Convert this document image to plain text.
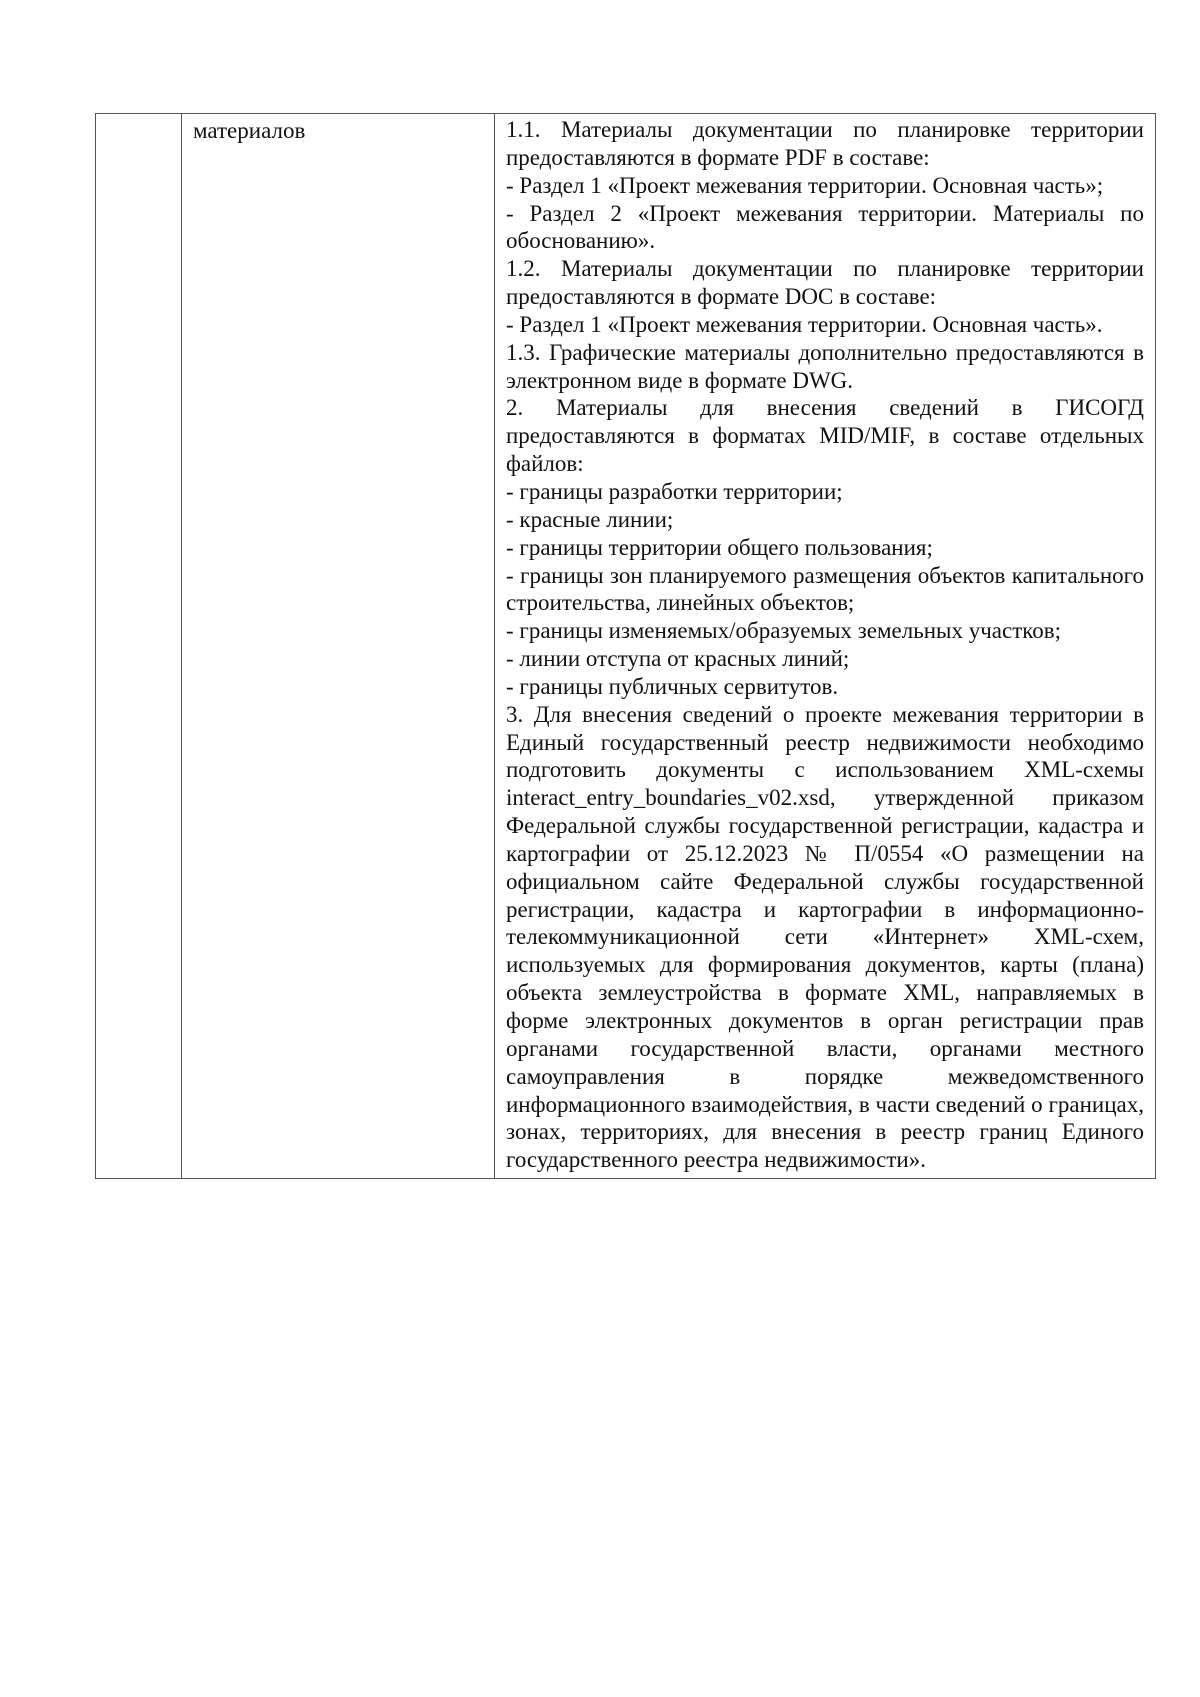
материалов	1.1. Материалы документации по планировке территории предоставляются в формате PDF в составе:

- Раздел 1 «Проект межевания территории. Основная часть»;

- Раздел 2 «Проект межевания территории. Материалы по обоснованию».

1.2. Материалы документации по планировке территории предоставляются в формате DOC в составе:

- Раздел 1 «Проект межевания территории. Основная часть».

1.3. Графические материалы дополнительно предоставляются в электронном виде в формате DWG.

2. Материалы для внесения сведений в ГИСОГД предоставляются в форматах MID/MIF, в составе отдельных файлов:

- границы разработки территории;

- красные линии;

- границы территории общего пользования;

- границы зон планируемого размещения объектов капитального строительства, линейных объектов;

- границы изменяемых/образуемых земельных участков;

- линии отступа от красных линий;

- границы публичных сервитутов.

3. Для внесения сведений о проекте межевания территории в Единый государственный реестр недвижимости необходимо подготовить документы с использованием XML-схемы interact_entry_boundaries_v02.xsd, утвержденной приказом Федеральной службы государственной регистрации, кадастра и картографии от 25.12.2023 № П/0554 «О размещении на официальном сайте Федеральной службы государственной регистрации, кадастра и картографии в информационно-телекоммуникационной сети «Интернет» XML-схем, используемых для формирования документов, карты (плана) объекта землеустройства в формате XML, направляемых в форме электронных документов в орган регистрации прав органами государственной власти, органами местного самоуправления в порядке межведомственного информационного взаимодействия, в части сведений о границах, зонах, территориях, для внесения в реестр границ Единого государственного реестра недвижимости».
